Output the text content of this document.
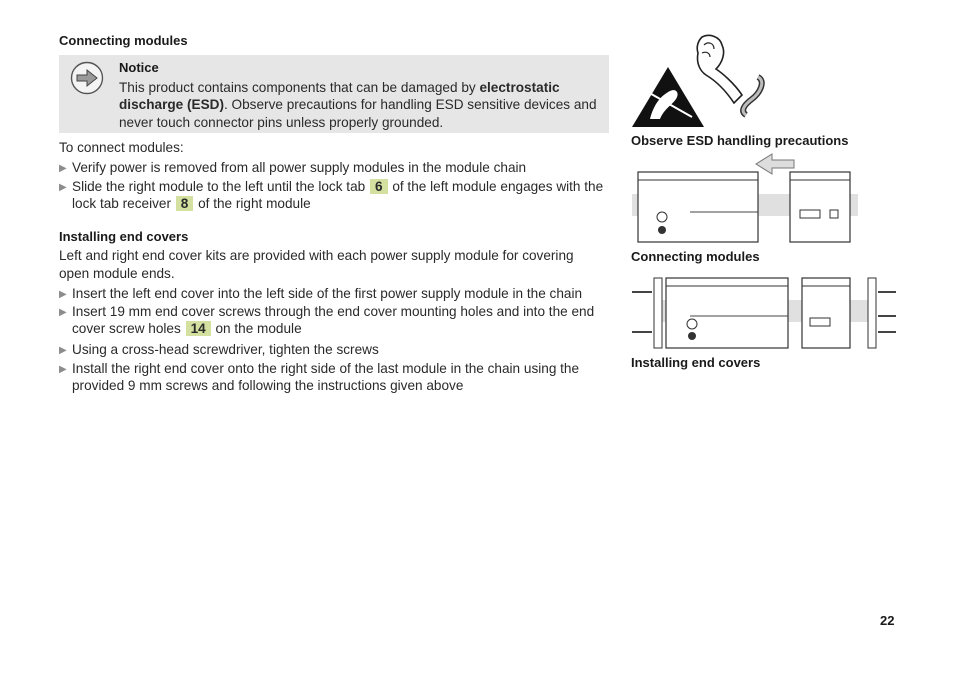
Connecting modules
Notice
This product contains components that can be damaged by electrostatic discharge (ESD). Observe precautions for handling ESD sensitive devices and never touch connector pins unless properly grounded.
To connect modules:
▶ Verify power is removed from all power supply modules in the module chain
▶ Slide the right module to the left until the lock tab 6 of the left module engages with the lock tab receiver 8 of the right module
Installing end covers
Left and right end cover kits are provided with each power supply module for covering open module ends.
▶ Insert the left end cover into the left side of the first power supply module in the chain
▶ Insert 19 mm end cover screws through the end cover mounting holes and into the end cover screw holes 14 on the module
▶ Using a cross-head screwdriver, tighten the screws
▶ Install the right end cover onto the right side of the last module in the chain using the provided 9 mm screws and following the instructions given above
Observe ESD handling precautions
Connecting modules
Installing end covers
22
